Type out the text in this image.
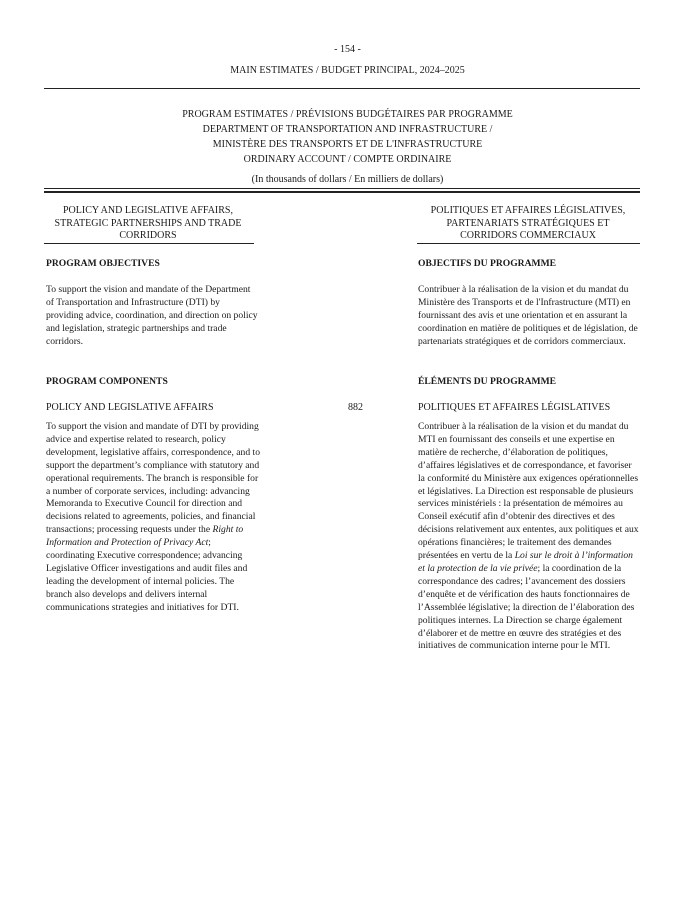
- 154 -
MAIN ESTIMATES / BUDGET PRINCIPAL, 2024–2025
PROGRAM ESTIMATES / PRÉVISIONS BUDGÉTAIRES PAR PROGRAMME
DEPARTMENT OF TRANSPORTATION AND INFRASTRUCTURE /
MINISTÈRE DES TRANSPORTS ET DE L'INFRASTRUCTURE
ORDINARY ACCOUNT / COMPTE ORDINAIRE
(In thousands of dollars / En milliers de dollars)
POLICY AND LEGISLATIVE AFFAIRS,
STRATEGIC PARTNERSHIPS AND TRADE
CORRIDORS
POLITIQUES ET AFFAIRES LÉGISLATIVES,
PARTENARIATS STRATÉGIQUES ET
CORRIDORS COMMERCIAUX
PROGRAM OBJECTIVES
To support the vision and mandate of the Department of Transportation and Infrastructure (DTI) by providing advice, coordination, and direction on policy and legislation, strategic partnerships and trade corridors.
PROGRAM COMPONENTS
POLICY AND LEGISLATIVE AFFAIRS	882
To support the vision and mandate of DTI by providing advice and expertise related to research, policy development, legislative affairs, correspondence, and to support the department’s compliance with statutory and operational requirements. The branch is responsible for a number of corporate services, including: advancing Memoranda to Executive Council for direction and decisions related to agreements, policies, and financial transactions; processing requests under the Right to Information and Protection of Privacy Act; coordinating Executive correspondence; advancing Legislative Officer investigations and audit files and leading the development of internal policies. The branch also develops and delivers internal communications strategies and initiatives for DTI.
OBJECTIFS DU PROGRAMME
Contribuer à la réalisation de la vision et du mandat du Ministère des Transports et de l'Infrastructure (MTI) en fournissant des avis et une orientation et en assurant la coordination en matière de politiques et de législation, de partenariats stratégiques et de corridors commerciaux.
ÉLÉMENTS DU PROGRAMME
POLITIQUES ET AFFAIRES LÉGISLATIVES
Contribuer à la réalisation de la vision et du mandat du MTI en fournissant des conseils et une expertise en matière de recherche, d’élaboration de politiques, d’affaires législatives et de correspondance, et favoriser la conformité du Ministère aux exigences opérationnelles et législatives. La Direction est responsable de plusieurs services ministériels : la présentation de mémoires au Conseil exécutif afin d’obtenir des directives et des décisions relativement aux ententes, aux politiques et aux opérations financières; le traitement des demandes présentées en vertu de la Loi sur le droit à l’information et la protection de la vie privée; la coordination de la correspondance des cadres; l’avancement des dossiers d’enquête et de vérification des hauts fonctionnaires de l’Assemblée législative; la direction de l’élaboration des politiques internes. La Direction se charge également d’élaborer et de mettre en œuvre des stratégies et des initiatives de communication interne pour le MTI.
